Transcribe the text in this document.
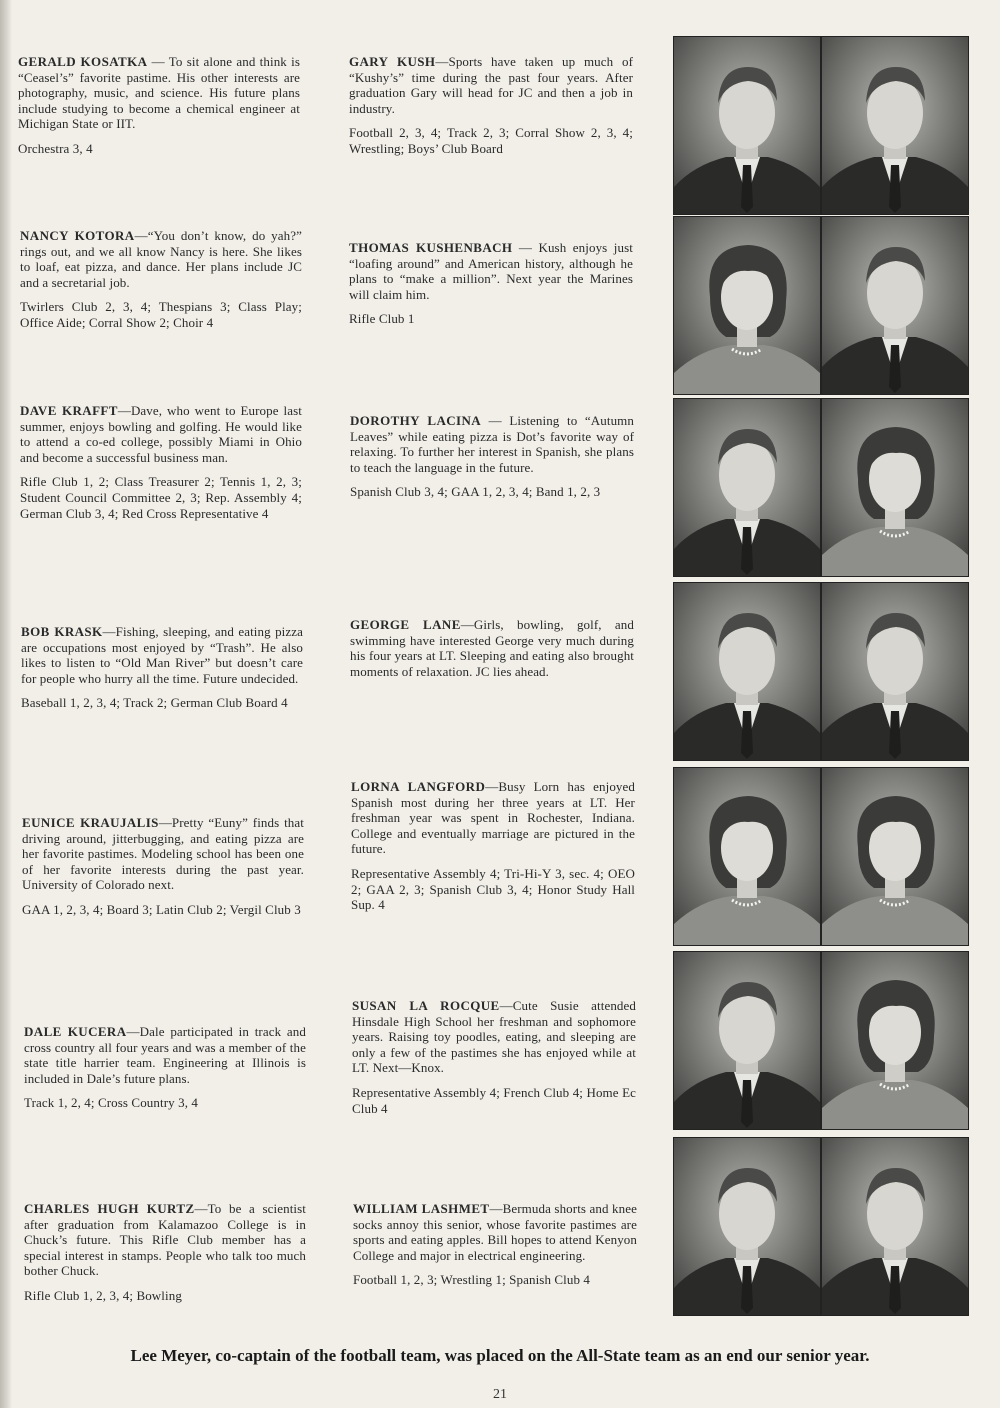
GERALD KOSATKA — To sit alone and think is “Ceasel’s” favorite pastime. His other interests are photography, music, and science. His future plans include studying to become a chemical engineer at Michigan State or IIT.

Orchestra 3, 4

NANCY KOTORA—“You don’t know, do yah?” rings out, and we all know Nancy is here. She likes to loaf, eat pizza, and dance. Her plans include JC and a secretarial job.

Twirlers Club 2, 3, 4; Thespians 3; Class Play; Office Aide; Corral Show 2; Choir 4

DAVE KRAFFT—Dave, who went to Europe last summer, enjoys bowling and golfing. He would like to attend a co-ed college, possibly Miami in Ohio and become a successful business man.

Rifle Club 1, 2; Class Treasurer 2; Tennis 1, 2, 3; Student Council Committee 2, 3; Rep. Assembly 4; German Club 3, 4; Red Cross Representative 4

BOB KRASK—Fishing, sleeping, and eating pizza are occupations most enjoyed by “Trash”. He also likes to listen to “Old Man River” but doesn’t care for people who hurry all the time. Future undecided.

Baseball 1, 2, 3, 4; Track 2; German Club Board 4

EUNICE KRAUJALIS—Pretty “Euny” finds that driving around, jitterbugging, and eating pizza are her favorite pastimes. Modeling school has been one of her favorite interests during the past year. University of Colorado next.

GAA 1, 2, 3, 4; Board 3; Latin Club 2; Vergil Club 3

DALE KUCERA—Dale participated in track and cross country all four years and was a member of the state title harrier team. Engineering at Illinois is included in Dale’s future plans.

Track 1, 2, 4; Cross Country 3, 4

CHARLES HUGH KURTZ—To be a scientist after graduation from Kalamazoo College is in Chuck’s future. This Rifle Club member has a special interest in stamps. People who talk too much bother Chuck.

Rifle Club 1, 2, 3, 4; Bowling

GARY KUSH—Sports have taken up much of “Kushy’s” time during the past four years. After graduation Gary will head for JC and then a job in industry.

Football 2, 3, 4; Track 2, 3; Corral Show 2, 3, 4; Wrestling; Boys’ Club Board

THOMAS KUSHENBACH — Kush enjoys just “loafing around” and American history, although he plans to “make a million”. Next year the Marines will claim him.

Rifle Club 1

DOROTHY LACINA — Listening to “Autumn Leaves” while eating pizza is Dot’s favorite way of relaxing. To further her interest in Spanish, she plans to teach the language in the future.

Spanish Club 3, 4; GAA 1, 2, 3, 4; Band 1, 2, 3

GEORGE LANE—Girls, bowling, golf, and swimming have interested George very much during his four years at LT. Sleeping and eating also brought moments of relaxation. JC lies ahead.

LORNA LANGFORD—Busy Lorn has enjoyed Spanish most during her three years at LT. Her freshman year was spent in Rochester, Indiana. College and eventually marriage are pictured in the future.

Representative Assembly 4; Tri-Hi-Y 3, sec. 4; OEO 2; GAA 2, 3; Spanish Club 3, 4; Honor Study Hall Sup. 4

SUSAN LA ROCQUE—Cute Susie attended Hinsdale High School her freshman and sophomore years. Raising toy poodles, eating, and sleeping are only a few of the pastimes she has enjoyed while at LT. Next—Knox.

Representative Assembly 4; French Club 4; Home Ec Club 4

WILLIAM LASHMET—Bermuda shorts and knee socks annoy this senior, whose favorite pastimes are sports and eating apples. Bill hopes to attend Kenyon College and major in electrical engineering.

Football 1, 2, 3; Wrestling 1; Spanish Club 4

Lee Meyer, co-captain of the football team, was placed on the All-State team as an end our senior year.
21
